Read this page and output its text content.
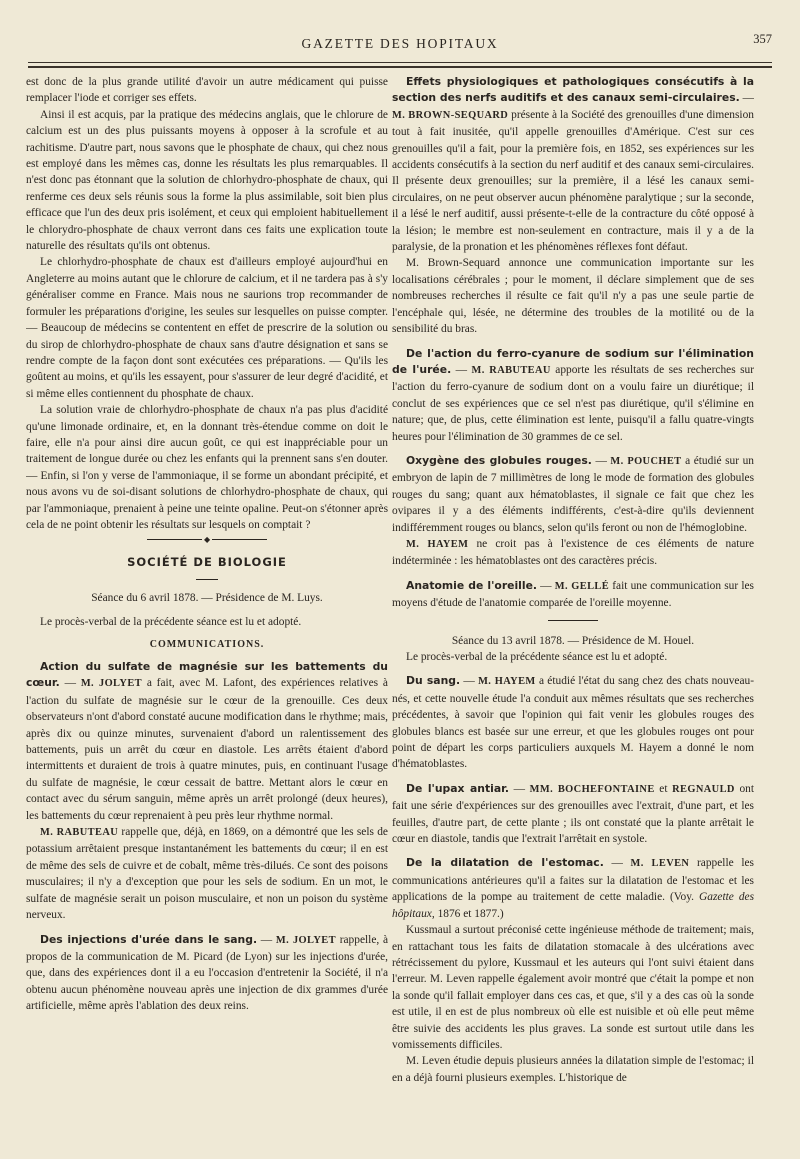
GAZETTE DES HOPITAUX	357

est donc de la plus grande utilité d'avoir un autre médicament qui puisse remplacer l'iode et corriger ses effets.

Ainsi il est acquis, par la pratique des médecins anglais, que le chlorure de calcium est un des plus puissants moyens à opposer à la scrofule et au rachitisme. D'autre part, nous savons que le phosphate de chaux, qui chez nous est employé dans les mêmes cas, donne les résultats les plus remarquables. Il n'est donc pas étonnant que la solution de chlorhydro-phosphate de chaux, qui renferme ces deux sels réunis sous la forme la plus assimilable, soit bien plus efficace que l'un des deux pris isolément, et ceux qui emploient habituellement le chlorydro-phosphate de chaux verront dans ces faits une explication toute naturelle des résultats qu'ils ont obtenus.

Le chlorhydro-phosphate de chaux est d'ailleurs employé aujourd'hui en Angleterre au moins autant que le chlorure de calcium, et il ne tardera pas à s'y généraliser comme en France. Mais nous ne saurions trop recommander de formuler les préparations d'origine, les seules sur lesquelles on puisse compter. — Beaucoup de médecins se contentent en effet de prescrire de la solution ou du sirop de chlorhydro-phosphate de chaux sans d'autre désignation et sans se rendre compte de la façon dont sont exécutées ces préparations. — Qu'ils les goûtent au moins, et qu'ils les essayent, pour s'assurer de leur degré d'acidité, et si même elles contiennent du phosphate de chaux.

La solution vraie de chlorhydro-phosphate de chaux n'a pas plus d'acidité qu'une limonade ordinaire, et, en la donnant très-étendue comme on doit le faire, elle n'a pour ainsi dire aucun goût, ce qui est inappréciable pour un traitement de longue durée ou chez les enfants qui la prennent sans s'en douter. — Enfin, si l'on y verse de l'ammoniaque, il se forme un abondant précipité, et nous avons vu de soi-disant solutions de chlorhydro-phosphate de chaux, qui par l'ammoniaque, prenaient à peine une teinte opaline. Peut-on s'étonner après cela de ne point obtenir les résultats sur lesquels on comptait ?

◆
SOCIÉTÉ DE BIOLOGIE

Séance du 6 avril 1878. — Présidence de M. Luys.

Le procès-verbal de la précédente séance est lu et adopté.

COMMUNICATIONS.

Action du sulfate de magnésie sur les battements du cœur. — M. JOLYET a fait, avec M. Lafont, des expériences relatives à l'action du sulfate de magnésie sur le cœur de la grenouille. Ces deux observateurs n'ont d'abord constaté aucune modification dans le rhythme; mais, après dix ou quinze minutes, survenaient d'abord un ralentissement des battements, puis un arrêt du cœur en diastole. Les arrêts étaient d'abord intermittents et duraient de trois à quatre minutes, puis, en continuant l'usage du sulfate de magnésie, le cœur cessait de battre. Mettant alors le cœur en contact avec du sérum sanguin, même après un arrêt prolongé (deux heures), les battements du cœur reprenaient à peu près leur rhythme normal.

M. RABUTEAU rappelle que, déjà, en 1869, on a démontré que les sels de potassium arrêtaient presque instantanément les battements du cœur; il en est de même des sels de cuivre et de cobalt, même très-dilués. Ce sont des poisons musculaires; il n'y a d'exception que pour les sels de sodium. En un mot, le sulfate de magnésie serait un poison musculaire, et non un poison du système nerveux.

Des injections d'urée dans le sang. — M. JOLYET rappelle, à propos de la communication de M. Picard (de Lyon) sur les injections d'urée, que, dans des expériences dont il a eu l'occasion d'entretenir la Société, il n'a obtenu aucun phénomène nouveau après une injection de dix grammes d'urée artificielle, même après l'ablation des deux reins.

Effets physiologiques et pathologiques consécutifs à la section des nerfs auditifs et des canaux semi-circulaires. — M. BROWN-SEQUARD présente à la Société des grenouilles d'une dimension tout à fait inusitée, qu'il appelle grenouilles d'Amérique. C'est sur ces grenouilles qu'il a fait, pour la première fois, en 1852, ses expériences sur les accidents consécutifs à la section du nerf auditif et des canaux semi-circulaires. Il présente deux grenouilles; sur la première, il a lésé les canaux semi-circulaires, on ne peut observer aucun phénomène paralytique ; sur la seconde, il a lésé le nerf auditif, aussi présente-t-elle de la contracture du côté opposé à la lésion; le membre est non-seulement en contracture, mais il y a de la paralysie, de la pronation et les phénomènes réflexes font défaut.

M. Brown-Sequard annonce une communication importante sur les localisations cérébrales ; pour le moment, il déclare simplement que de ses nombreuses recherches il résulte ce fait qu'il n'y a pas une seule partie de l'encéphale qui, lésée, ne détermine des troubles de la motilité ou de la sensibilité du bras.

De l'action du ferro-cyanure de sodium sur l'élimination de l'urée. — M. RABUTEAU apporte les résultats de ses recherches sur l'action du ferro-cyanure de sodium dont on a voulu faire un diurétique; il conclut de ses expériences que ce sel n'est pas diurétique, qu'il s'élimine en nature; que, de plus, cette élimination est lente, puisqu'il a fallu quatre-vingts heures pour l'élimination de 30 grammes de ce sel.

Oxygène des globules rouges. — M. POUCHET a étudié sur un embryon de lapin de 7 millimètres de long le mode de formation des globules rouges du sang; quant aux hématoblastes, il signale ce fait que chez les ovipares il y a des éléments indifférents, c'est-à-dire qu'ils deviennent indifféremment rouges ou blancs, selon qu'ils feront ou non de l'hémoglobine.

M. HAYEM ne croit pas à l'existence de ces éléments de nature indéterminée : les hématoblastes ont des caractères précis.

Anatomie de l'oreille. — M. GELLÉ fait une communication sur les moyens d'étude de l'anatomie comparée de l'oreille moyenne.

Séance du 13 avril 1878. — Présidence de M. Houel.

Le procès-verbal de la précédente séance est lu et adopté.

Du sang. — M. HAYEM a étudié l'état du sang chez des chats nouveau-nés, et cette nouvelle étude l'a conduit aux mêmes résultats que ses recherches précédentes, à savoir que l'opinion qui fait venir les globules rouges des globules blancs est basée sur une erreur, et que les globules rouges ont pour point de départ les corps particuliers auxquels M. Hayem a donné le nom d'hématoblastes.

De l'upax antiar. — MM. BOCHEFONTAINE et REGNAULD ont fait une série d'expériences sur des grenouilles avec l'extrait, d'une part, et les feuilles, d'autre part, de cette plante ; ils ont constaté que la plante arrêtait le cœur en diastole, tandis que l'extrait l'arrêtait en systole.

De la dilatation de l'estomac. — M. LEVEN rappelle les communications antérieures qu'il a faites sur la dilatation de l'estomac et les applications de la pompe au traitement de cette maladie. (Voy. Gazette des hôpitaux, 1876 et 1877.)

Kussmaul a surtout préconisé cette ingénieuse méthode de traitement; mais, en rattachant tous les faits de dilatation stomacale à des ulcérations avec rétrécissement du pylore, Kussmaul et les auteurs qui l'ont suivi étaient dans l'erreur. M. Leven rappelle également avoir montré que c'était la pompe et non la sonde qu'il fallait employer dans ces cas, et que, s'il y a des cas où la sonde est utile, il en est de plus nombreux où elle est nuisible et où elle peut même être suivie des accidents les plus graves. La sonde est surtout utile dans les vomissements difficiles.

M. Leven étudie depuis plusieurs années la dilatation simple de l'estomac; il en a déjà fourni plusieurs exemples. L'historique de
